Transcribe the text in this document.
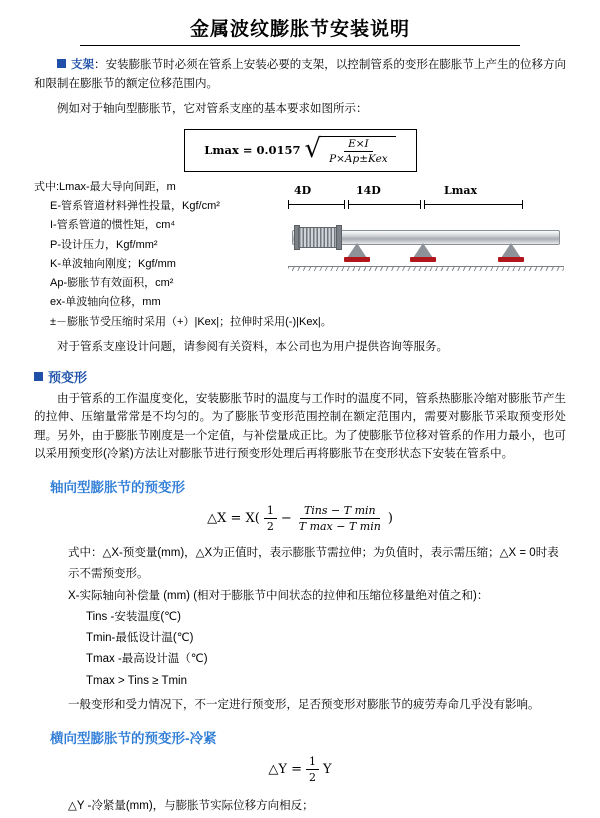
金属波纹膨胀节安装说明

支架：安装膨胀节时必须在管系上安装必要的支架，以控制管系的变形在膨胀节上产生的位移方向和限制在膨胀节的额定位移范围内。

例如对于轴向型膨胀节，它对管系支座的基本要求如图所示：

Lmax = 0.0157 √ $\frac{E\times I}{\text{P×Ap±Kex}}$
式中:Lmax-最大导向间距，m
E-管系管道材料弹性投量，Kgf/cm²
I-管系管道的惯性矩，cm⁴
P-设计压力，Kgf/mm²
K-单波轴向刚度；Kgf/mm
Ap-膨胀节有效面积，cm²
ex-单波轴向位移，mm
±－膨胀节受压缩时采用（+）|Kex|；拉伸时采用(-)|Kex|。
4D	14D	Lmax

对于管系支座设计问题，请参阅有关资料，本公司也为用户提供咨询等服务。

预变形

由于管系的工作温度变化，安装膨胀节时的温度与工作时的温度不同，管系热膨胀冷缩对膨胀节产生的拉伸、压缩量常常是不均匀的。为了膨胀节变形范围控制在额定范围内，需要对膨胀节采取预变形处理。另外，由于膨胀节刚度是一个定值，与补偿量成正比。为了使膨胀节位移对管系的作用力最小，也可以采用预变形(冷紧)方法让对膨胀节进行预变形处理后再将膨胀节在变形状态下安装在管系中。

轴向型膨胀节的预变形
△X = $X( \frac{1}{2} - \frac{\text{Tins − T min}}{\text{T max − T min}}$ )
式中：△X-预变量(mm)，△X为正值时，表示膨胀节需拉伸；为负值时，表示需压缩；△X = 0时表示不需预变形。
X-实际轴向补偿量 (mm) (相对于膨胀节中间状态的拉伸和压缩位移量绝对值之和)：
Tins -安装温度(℃)
Tmin-最低设计温(℃)
Tmax -最高设计温（℃)
Tmax > Tins ≥ Tmin
一般变形和受力情况下，不一定进行预变形，足否预变形对膨胀节的疲劳寿命几乎没有影响。
横向型膨胀节的预变形-冷紧
△Y = $\frac{1}{2}$ Y
△Y -冷紧量(mm)，与膨胀节实际位移方向相反；
